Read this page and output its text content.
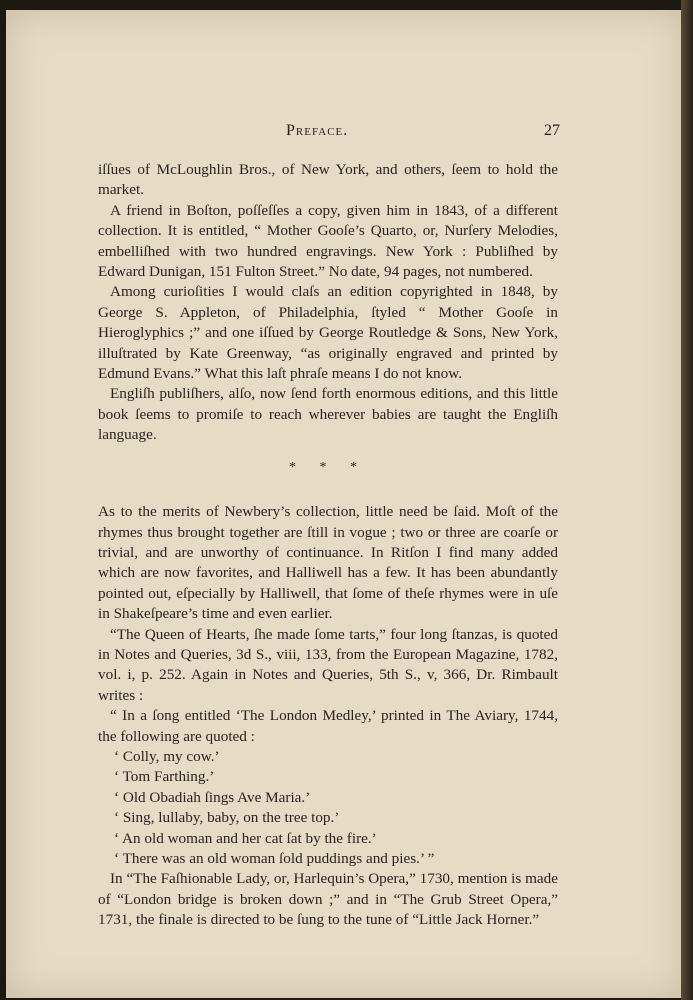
Preface.	27

iſſues of McLoughlin Bros., of New York, and others, ſeem to hold the market.

A friend in Boſton, poſſeſſes a copy, given him in 1843, of a different collection. It is entitled, “ Mother Gooſe’s Quarto, or, Nurſery Melodies, embelliſhed with two hundred engravings. New York : Publiſhed by Edward Dunigan, 151 Fulton Street.” No date, 94 pages, not numbered.

Among curioſities I would claſs an edition copyrighted in 1848, by George S. Appleton, of Philadelphia, ſtyled “ Mother Gooſe in Hieroglyphics ;” and one iſſued by George Routledge & Sons, New York, illuſtrated by Kate Greenway, “as originally engraved and printed by Edmund Evans.” What this laſt phraſe means I do not know.

Engliſh publiſhers, alſo, now ſend forth enormous editions, and this little book ſeems to promiſe to reach wherever babies are taught the Engliſh language.

* * *

As to the merits of Newbery’s collection, little need be ſaid. Moſt of the rhymes thus brought together are ſtill in vogue ; two or three are coarſe or trivial, and are unworthy of continuance. In Ritſon I find many added which are now favorites, and Halliwell has a few. It has been abundantly pointed out, eſpecially by Halliwell, that ſome of theſe rhymes were in uſe in Shakeſpeare’s time and even earlier.

“The Queen of Hearts, ſhe made ſome tarts,” four long ſtanzas, is quoted in Notes and Queries, 3d S., viii, 133, from the European Magazine, 1782, vol. i, p. 252. Again in Notes and Queries, 5th S., v, 366, Dr. Rimbault writes :

“ In a ſong entitled ‘The London Medley,’ printed in The Aviary, 1744, the following are quoted :

‘ Colly, my cow.’

‘ Tom Farthing.’

‘ Old Obadiah ſings Ave Maria.’

‘ Sing, lullaby, baby, on the tree top.’

‘ An old woman and her cat ſat by the fire.’

‘ There was an old woman ſold puddings and pies.’ ”

In “The Faſhionable Lady, or, Harlequin’s Opera,” 1730, mention is made of “London bridge is broken down ;” and in “The Grub Street Opera,” 1731, the finale is directed to be ſung to the tune of “Little Jack Horner.”
